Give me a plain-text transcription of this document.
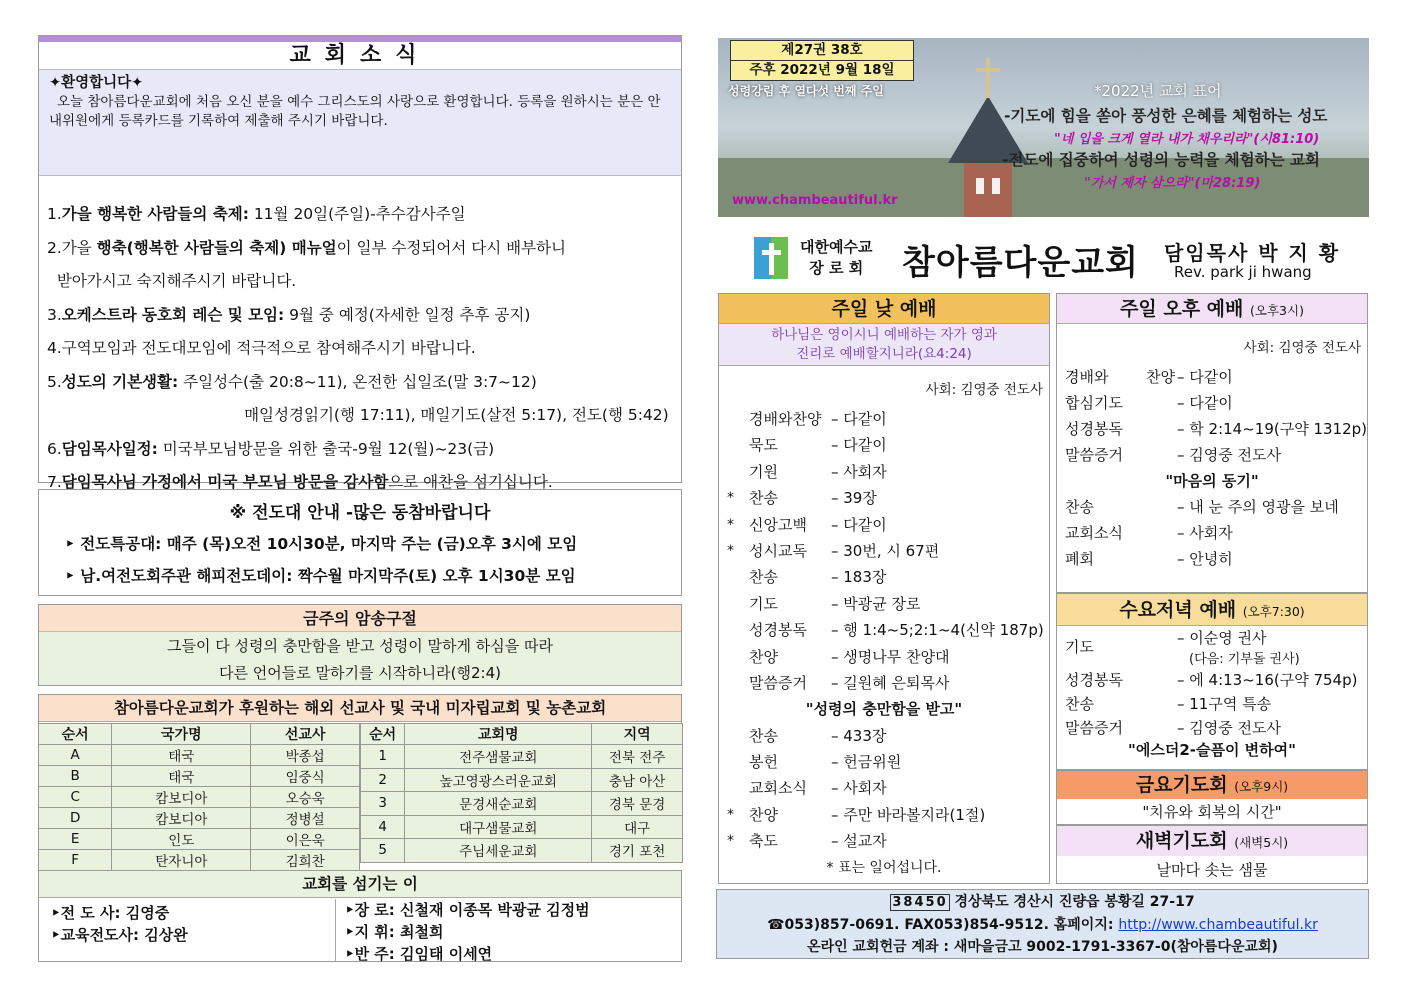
교회소식
✦환영합니다✦
오늘 참아름다운교회에 처음 오신 분을 예수 그리스도의 사랑으로 환영합니다. 등록을 원하시는 분은 안내위원에게 등록카드를 기록하여 제출해 주시기 바랍니다.
1.가을 행복한 사람들의 축제: 11월 20일(주일)-추수감사주일
2.가을 행축(행복한 사람들의 축제) 매뉴얼이 일부 수정되어서 다시 배부하니
받아가시고 숙지해주시기 바랍니다.
3.오케스트라 동호회 레슨 및 모임: 9월 중 예정(자세한 일정 추후 공지)
4.구역모임과 전도대모임에 적극적으로 참여해주시기 바랍니다.
5.성도의 기본생활: 주일성수(출 20:8~11), 온전한 십일조(말 3:7~12)
매일성경읽기(행 17:11), 매일기도(살전 5:17), 전도(행 5:42)
6.담임목사일정: 미국부모님방문을 위한 출국-9월 12(월)~23(금)
7.담임목사님 가정에서 미국 부모님 방문을 감사함으로 애찬을 섬기십니다.
※ 전도대 안내 -많은 동참바랍니다
‣ 전도특공대: 매주 (목)오전 10시30분, 마지막 주는 (금)오후 3시에 모임
‣ 남.여전도회주관 해피전도데이: 짝수월 마지막주(토) 오후 1시30분 모임
금주의 암송구절
그들이 다 성령의 충만함을 받고 성령이 말하게 하심을 따라
다른 언어들로 말하기를 시작하니라(행2:4)
참아름다운교회가 후원하는 해외 선교사 및 국내 미자립교회 및 농촌교회
순서	국가명	선교사
A	태국	박종섭
B	태국	임중식
C	캄보디아	오승욱
D	캄보디아	정병설
E	인도	이은욱
F	탄자니아	김희찬
순서	교회명	지역
1	전주샘물교회	전북 전주
2	높고영광스러운교회	충남 아산
3	문경새순교회	경북 문경
4	대구샘물교회	대구
5	주님세운교회	경기 포천
교회를 섬기는 이
‣전 도 사: 김영중
‣교육전도사: 김상완
‣장 로: 신철재 이종목 박광균 김정범
‣지 휘: 최철희
‣반 주: 김임태 이세연
성령강림 후 열다섯 번째 주일	*2022년 교회 표어
-기도에 힘을 쏟아 풍성한 은혜를 체험하는 성도
"네 입을 크게 열라 내가 채우리라"(시81:10)
-전도에 집중하여 성령의 능력을 체험하는 교회
"가서 제자 삼으라"(마28:19)
www.chambeautiful.kr
제27권 38호
주후 2022년 9월 18일
대한예수교
장 로 회 참아름다운교회 담임목사 박 지 황
Rev. park ji hwang
주일 낮 예배
하나님은 영이시니 예배하는 자가 영과
진리로 예배할지니라(요4:24)
사회: 김영중 전도사
경배와찬양 – 다같이
묵도	– 다같이
기원	– 사회자
* 찬송	– 39장
* 신앙고백	– 다같이
* 성시교독	– 30번, 시 67편
찬송	– 183장
기도	– 박광균 장로
성경봉독	– 행 1:4~5;2:1~4(신약 187p)
찬양	– 생명나무 찬양대
말씀증거	– 길원혜 은퇴목사
"성령의 충만함을 받고"
찬송	– 433장
봉헌	– 헌금위원
교회소식	– 사회자
* 찬양	– 주만 바라볼지라(1절)
* 축도	– 설교자
* 표는 일어섭니다.
주일 오후 예배 (오후3시)
사회: 김영중 전도사
경배와 찬양 – 다같이
합심기도	– 다같이
성경봉독	– 학 2:14~19(구약 1312p)
말씀증거	– 김영중 전도사
"마음의 동기"
찬송	– 내 눈 주의 영광을 보네
교회소식	– 사회자
폐회	– 안녕히
수요저녁 예배 (오후7:30)
기도	– 이순영 권사
(다음: 기부돌 권사)
성경봉독	– 에 4:13~16(구약 754p)
찬송	– 11구역 특송
말씀증거	– 김영중 전도사
"에스더2-슬픔이 변하여"
금요기도회 (오후9시)
"치유와 회복의 시간"
새벽기도회 (새벽5시)
날마다 솟는 샘물
38450 경상북도 경산시 진량읍 봉황길 27-17
☎053)857-0691. FAX053)854-9512. 홈페이지: http://www.chambeautiful.kr
온라인 교회헌금 계좌 : 새마을금고 9002-1791-3367-0(참아름다운교회)
